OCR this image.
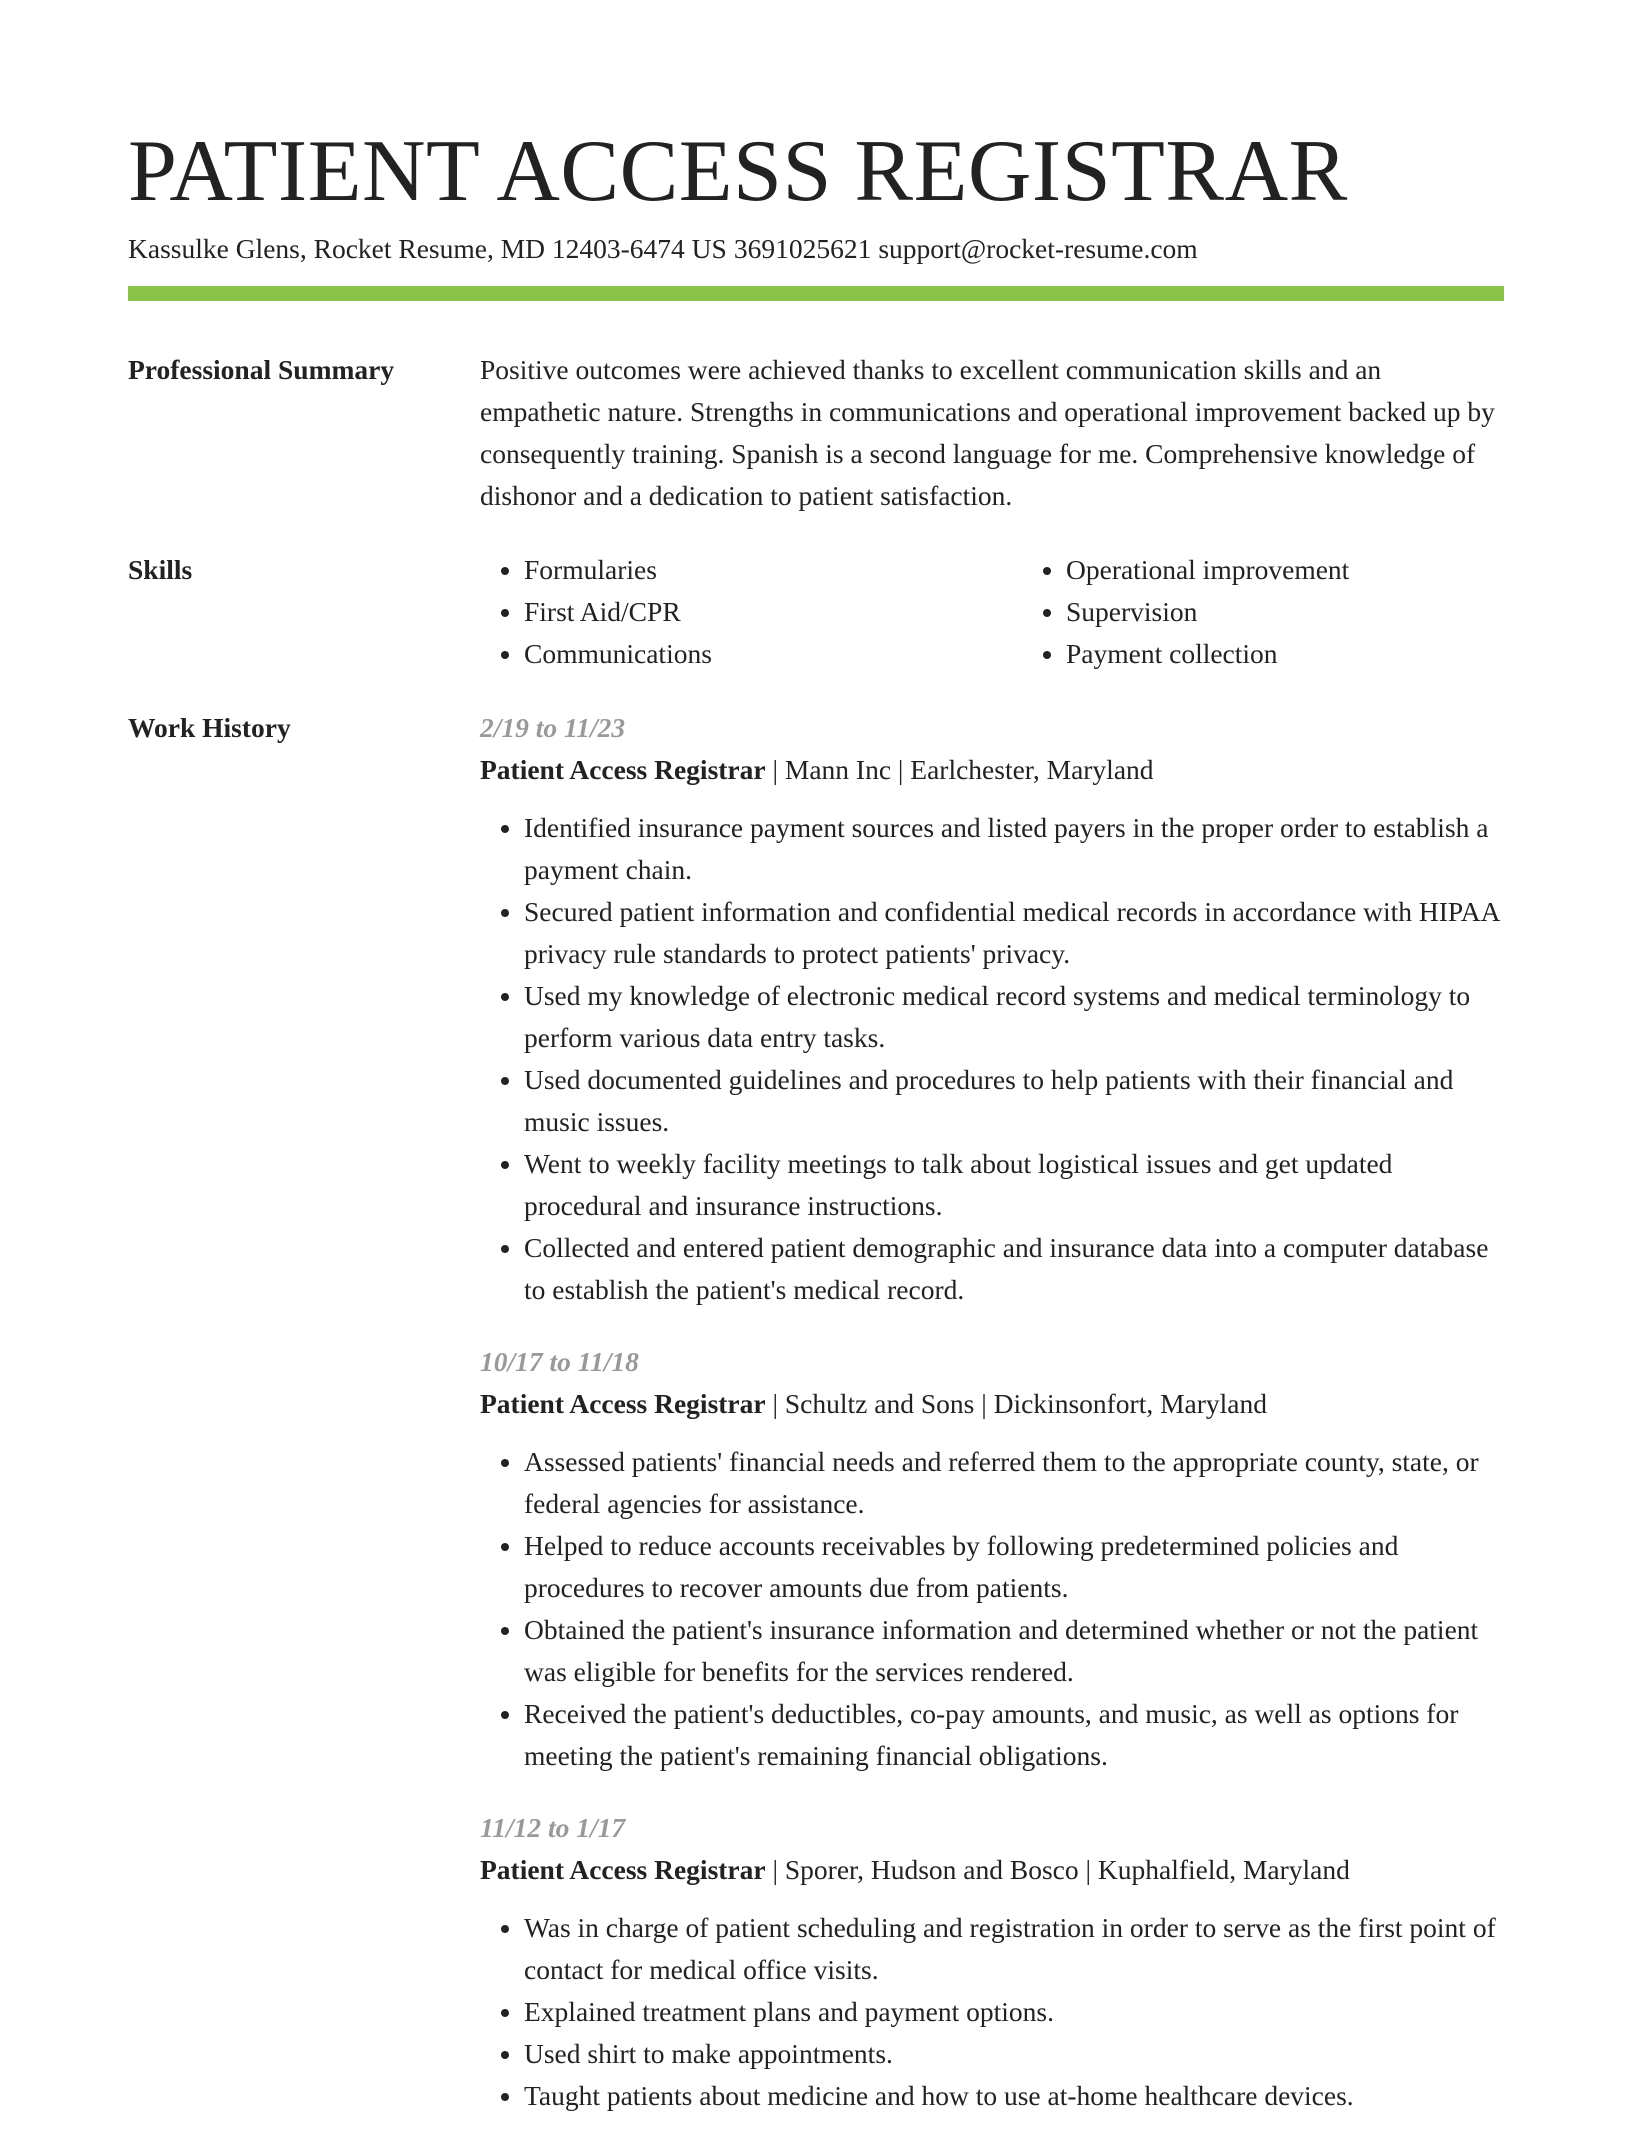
PATIENT ACCESS REGISTRAR
Kassulke Glens, Rocket Resume, MD 12403-6474 US 3691025621 support@rocket-resume.com
Professional Summary	Positive outcomes were achieved thanks to excellent communication skills and an empathetic nature. Strengths in communications and operational improvement backed up by consequently training. Spanish is a second language for me. Comprehensive knowledge of dishonor and a dedication to patient satisfaction.

Skills
•	Formularies
• First Aid/CPR
• Communications
• Operational improvement
• Supervision
• Payment collection
Work History	2/19 to 11/23
Patient Access Registrar | Mann Inc | Earlchester, Maryland
• Identified insurance payment sources and listed payers in the proper order to establish a payment chain.
• Secured patient information and confidential medical records in accordance with HIPAA privacy rule standards to protect patients' privacy.
• Used my knowledge of electronic medical record systems and medical terminology to perform various data entry tasks.
• Used documented guidelines and procedures to help patients with their financial and music issues.
• Went to weekly facility meetings to talk about logistical issues and get updated procedural and insurance instructions.
• Collected and entered patient demographic and insurance data into a computer database to establish the patient's medical record.
10/17 to 11/18
Patient Access Registrar | Schultz and Sons | Dickinsonfort, Maryland
• Assessed patients' financial needs and referred them to the appropriate county, state, or federal agencies for assistance.
• Helped to reduce accounts receivables by following predetermined policies and procedures to recover amounts due from patients.
• Obtained the patient's insurance information and determined whether or not the patient was eligible for benefits for the services rendered.
• Received the patient's deductibles, co-pay amounts, and music, as well as options for meeting the patient's remaining financial obligations.
11/12 to 1/17
Patient Access Registrar | Sporer, Hudson and Bosco | Kuphalfield, Maryland
• Was in charge of patient scheduling and registration in order to serve as the first point of contact for medical office visits.
• Explained treatment plans and payment options.
• Used shirt to make appointments.
• Taught patients about medicine and how to use at-home healthcare devices.
